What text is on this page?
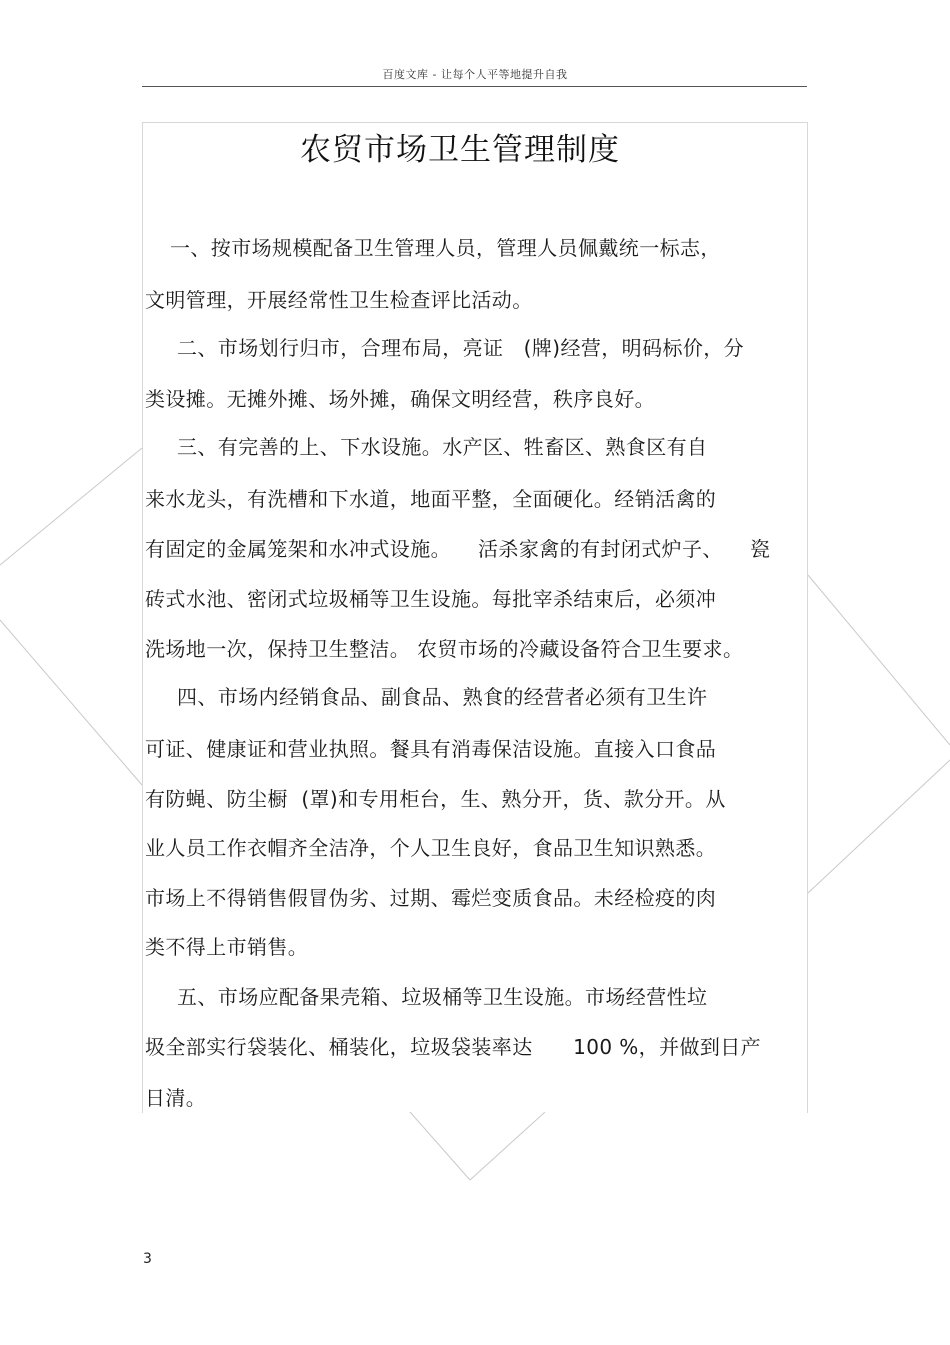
百度文库 - 让每个人平等地提升自我
农贸市场卫生管理制度
一、按市场规模配备卫生管理人员，管理人员佩戴统一标志，
文明管理，开展经常性卫生检查评比活动。
二、市场划行归市，合理布局，亮证   (牌)经营，明码标价，分
类设摊。无摊外摊、场外摊，确保文明经营，秩序良好。
三、有完善的上、下水设施。水产区、牲畜区、熟食区有自
来水龙头，有洗槽和下水道，地面平整，全面硬化。经销活禽的
有固定的金属笼架和水冲式设施。    活杀家禽的有封闭式炉子、    瓷
砖式水池、密闭式垃圾桶等卫生设施。每批宰杀结束后，必须冲
洗场地一次，保持卫生整洁。 农贸市场的冷藏设备符合卫生要求。
四、市场内经销食品、副食品、熟食的经营者必须有卫生许
可证、健康证和营业执照。餐具有消毒保洁设施。直接入口食品
有防蝇、防尘橱  (罩)和专用柜台，生、熟分开，货、款分开。从
业人员工作衣帽齐全洁净，个人卫生良好，食品卫生知识熟悉。
市场上不得销售假冒伪劣、过期、霉烂变质食品。未经检疫的肉
类不得上市销售。
五、市场应配备果壳箱、垃圾桶等卫生设施。市场经营性垃
圾全部实行袋装化、桶装化，垃圾袋装率达      100 %，并做到日产
日清。
3
